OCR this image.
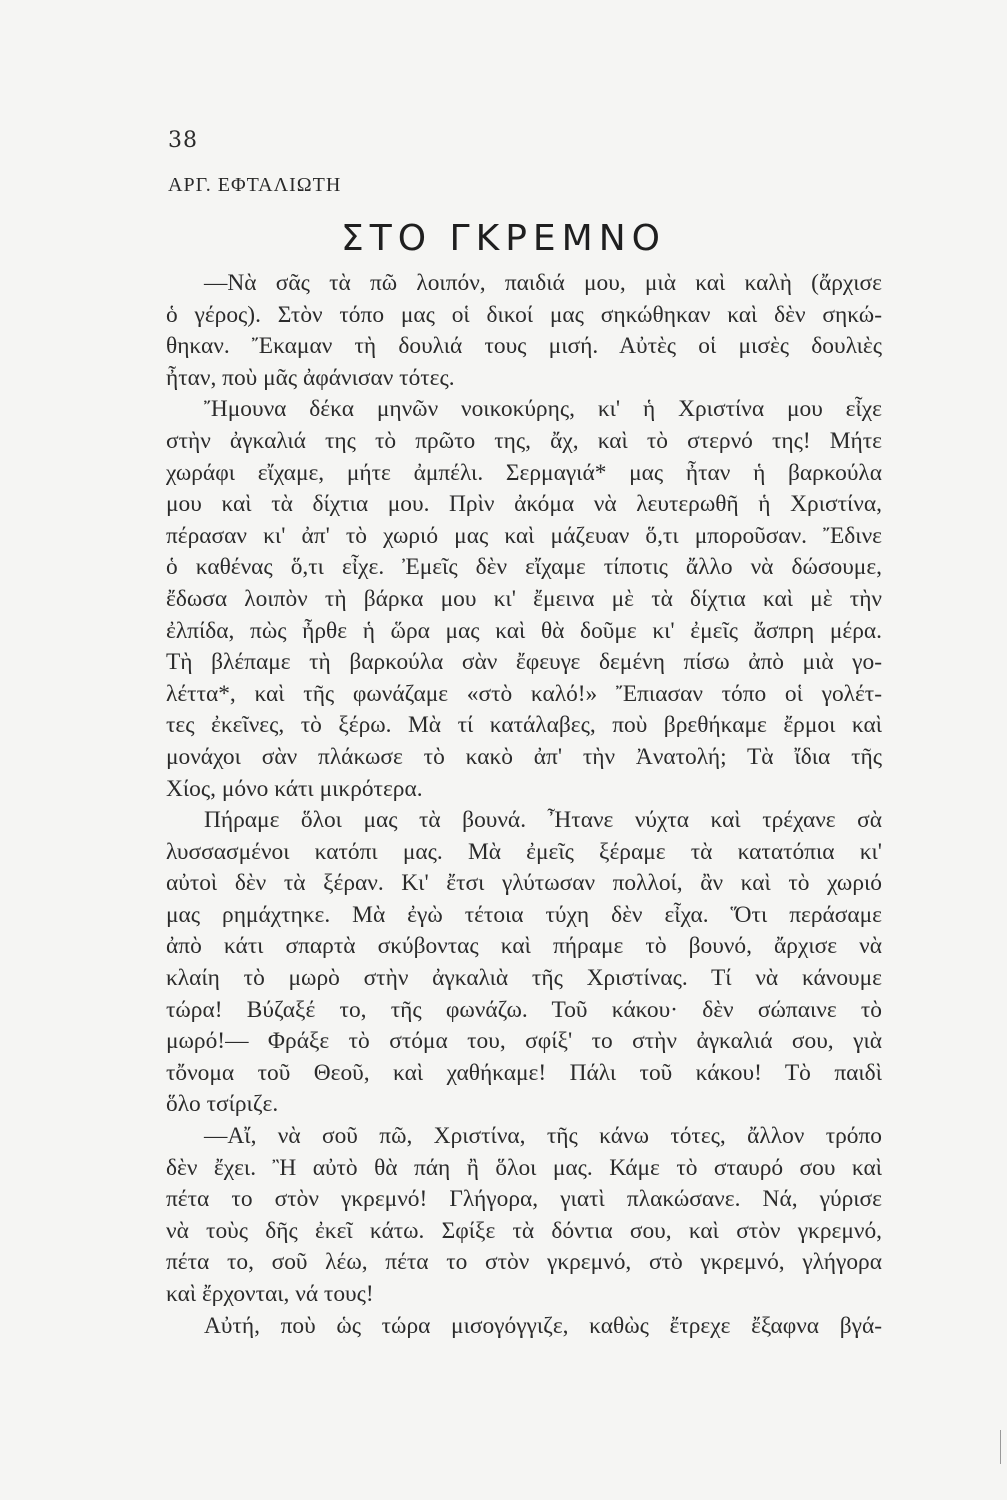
38
ΑΡΓ. ΕΦΤΑΛΙΩΤΗ
ΣΤΟ ΓΚΡΕΜΝΟ
—Νὰ σᾶς τὰ πῶ λοιπόν, παιδιά μου, μιὰ καὶ καλὴ (ἄρχισε
ὁ γέρος). Στὸν τόπο μας οἱ δικοί μας σηκώθηκαν καὶ δὲν σηκώ-
θηκαν. Ἔκαμαν τὴ δουλιά τους μισή. Αὐτὲς οἱ μισὲς δουλιὲς
ἦταν, ποὺ μᾶς ἀφάνισαν τότες.
Ἤμουνα δέκα μηνῶν νοικοκύρης, κι' ἡ Χριστίνα μου εἶχε
στὴν ἀγκαλιά της τὸ πρῶτο της, ἄχ, καὶ τὸ στερνό της! Μήτε
χωράφι εἴχαμε, μήτε ἀμπέλι. Σερμαγιά* μας ἦταν ἡ βαρκούλα
μου καὶ τὰ δίχτια μου. Πρὶν ἀκόμα νὰ λευτερωθῆ ἡ Χριστίνα,
πέρασαν κι' ἀπ' τὸ χωριό μας καὶ μάζευαν ὅ,τι μποροῦσαν. Ἔδινε
ὁ καθένας ὅ,τι εἶχε. Ἐμεῖς δὲν εἴχαμε τίποτις ἄλλο νὰ δώσουμε,
ἔδωσα λοιπὸν τὴ βάρκα μου κι' ἔμεινα μὲ τὰ δίχτια καὶ μὲ τὴν
ἐλπίδα, πὼς ἦρθε ἡ ὥρα μας καὶ θὰ δοῦμε κι' ἐμεῖς ἄσπρη μέρα.
Τὴ βλέπαμε τὴ βαρκούλα σὰν ἔφευγε δεμένη πίσω ἀπὸ μιὰ γο-
λέττα*, καὶ τῆς φωνάζαμε «στὸ καλό!» Ἔπιασαν τόπο οἱ γολέτ-
τες ἐκεῖνες, τὸ ξέρω. Μὰ τί κατάλαβες, ποὺ βρεθήκαμε ἔρμοι καὶ
μονάχοι σὰν πλάκωσε τὸ κακὸ ἀπ' τὴν Ἀνατολή; Τὰ ἴδια τῆς
Χίος, μόνο κάτι μικρότερα.
Πήραμε ὅλοι μας τὰ βουνά. Ἦτανε νύχτα καὶ τρέχανε σὰ
λυσσασμένοι κατόπι μας. Μὰ ἐμεῖς ξέραμε τὰ κατατόπια κι'
αὐτοὶ δὲν τὰ ξέραν. Κι' ἔτσι γλύτωσαν πολλοί, ἂν καὶ τὸ χωριό
μας ρημάχτηκε. Μὰ ἐγὼ τέτοια τύχη δὲν εἶχα. Ὅτι περάσαμε
ἀπὸ κάτι σπαρτὰ σκύβοντας καὶ πήραμε τὸ βουνό, ἄρχισε νὰ
κλαίη τὸ μωρὸ στὴν ἀγκαλιὰ τῆς Χριστίνας. Τί νὰ κάνουμε
τώρα! Βύζαξέ το, τῆς φωνάζω. Τοῦ κάκου· δὲν σώπαινε τὸ
μωρό!— Φράξε τὸ στόμα του, σφίξ' το στὴν ἀγκαλιά σου, γιὰ
τὄνομα τοῦ Θεοῦ, καὶ χαθήκαμε! Πάλι τοῦ κάκου! Τὸ παιδὶ
ὅλο τσίριζε.
—Αἴ, νὰ σοῦ πῶ, Χριστίνα, τῆς κάνω τότες, ἄλλον τρόπο
δὲν ἔχει. Ἢ αὐτὸ θὰ πάη ἢ ὅλοι μας. Κάμε τὸ σταυρό σου καὶ
πέτα το στὸν γκρεμνό! Γλήγορα, γιατὶ πλακώσανε. Νά, γύρισε
νὰ τοὺς δῆς ἐκεῖ κάτω. Σφίξε τὰ δόντια σου, καὶ στὸν γκρεμνό,
πέτα το, σοῦ λέω, πέτα το στὸν γκρεμνό, στὸ γκρεμνό, γλήγορα
καὶ ἔρχονται, νά τους!
Αὐτή, ποὺ ὡς τώρα μισογόγγιζε, καθὼς ἔτρεχε ἔξαφνα βγά-
